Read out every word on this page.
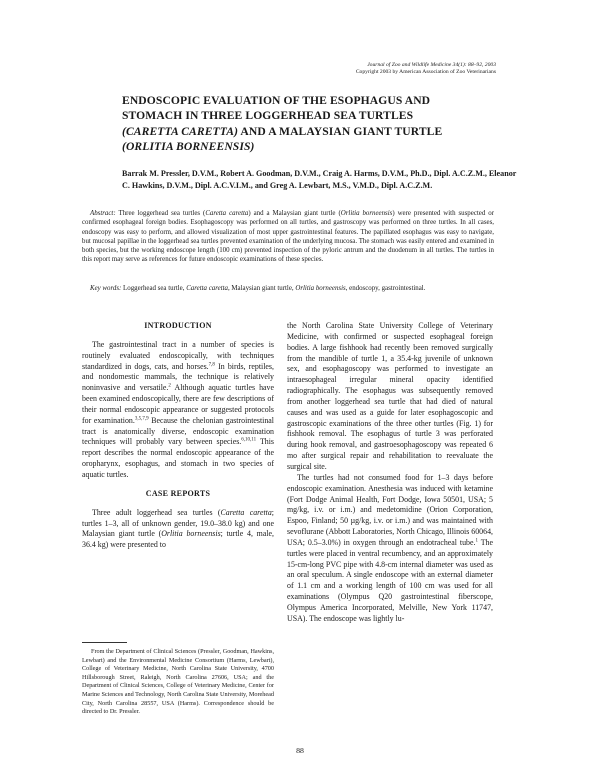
Journal of Zoo and Wildlife Medicine 34(1): 88–92, 2003
Copyright 2003 by American Association of Zoo Veterinarians
ENDOSCOPIC EVALUATION OF THE ESOPHAGUS AND
STOMACH IN THREE LOGGERHEAD SEA TURTLES
(CARETTA CARETTA) AND A MALAYSIAN GIANT TURTLE
(ORLITIA BORNEENSIS)
Barrak M. Pressler, D.V.M., Robert A. Goodman, D.V.M., Craig A. Harms, D.V.M., Ph.D., Dipl. A.C.Z.M., Eleanor C. Hawkins, D.V.M., Dipl. A.C.V.I.M., and Greg A. Lewbart, M.S., V.M.D., Dipl. A.C.Z.M.
Abstract: Three loggerhead sea turtles (Caretta caretta) and a Malaysian giant turtle (Orlitia borneensis) were presented with suspected or confirmed esophageal foreign bodies. Esophagoscopy was performed on all turtles, and gastroscopy was performed on three turtles. In all cases, endoscopy was easy to perform, and allowed visualization of most upper gastrointestinal features. The papillated esophagus was easy to navigate, but mucosal papillae in the loggerhead sea turtles prevented examination of the underlying mucosa. The stomach was easily entered and examined in both species, but the working endoscope length (100 cm) prevented inspection of the pyloric antrum and the duodenum in all turtles. The turtles in this report may serve as references for future endoscopic examinations of these species.
Key words: Loggerhead sea turtle, Caretta caretta, Malaysian giant turtle, Orlitia borneensis, endoscopy, gastrointestinal.
INTRODUCTION

The gastrointestinal tract in a number of species is routinely evaluated endoscopically, with techniques standardized in dogs, cats, and horses.$^{7,8}$ In birds, reptiles, and nondomestic mammals, the technique is relatively noninvasive and versatile.$^2$ Although aquatic turtles have been examined endoscopically, there are few descriptions of their normal endoscopic appearance or suggested protocols for examination.$^{3,5,7,9}$ Because the chelonian gastrointestinal tract is anatomically diverse, endoscopic examination techniques will probably vary between species.$^{6,10,11}$ This report describes the normal endoscopic appearance of the oropharynx, esophagus, and stomach in two species of aquatic turtles.

CASE REPORTS

Three adult loggerhead sea turtles (Caretta caretta; turtles 1–3, all of unknown gender, 19.0–38.0 kg) and one Malaysian giant turtle (Orlitia borneensis; turtle 4, male, 36.4 kg) were presented to

From the Department of Clinical Sciences (Pressler, Goodman, Hawkins, Lewbart) and the Environmental Medicine Consortium (Harms, Lewbart), College of Veterinary Medicine, North Carolina State University, 4700 Hillsborough Street, Raleigh, North Carolina 27606, USA; and the Department of Clinical Sciences, College of Veterinary Medicine, Center for Marine Sciences and Technology, North Carolina State University, Morehead City, North Carolina 28557, USA (Harms). Correspondence should be directed to Dr. Pressler.

the North Carolina State University College of Veterinary Medicine, with confirmed or suspected esophageal foreign bodies. A large fishhook had recently been removed surgically from the mandible of turtle 1, a 35.4-kg juvenile of unknown sex, and esophagoscopy was performed to investigate an intraesophageal irregular mineral opacity identified radiographically. The esophagus was subsequently removed from another loggerhead sea turtle that had died of natural causes and was used as a guide for later esophagoscopic and gastroscopic examinations of the three other turtles (Fig. 1) for fishhook removal. The esophagus of turtle 3 was perforated during hook removal, and gastroesophagoscopy was repeated 6 mo after surgical repair and rehabilitation to reevaluate the surgical site.

The turtles had not consumed food for 1–3 days before endoscopic examination. Anesthesia was induced with ketamine (Fort Dodge Animal Health, Fort Dodge, Iowa 50501, USA; 5 mg/kg, i.v. or i.m.) and medetomidine (Orion Corporation, Espoo, Finland; 50 µg/kg, i.v. or i.m.) and was maintained with sevoflurane (Abbott Laboratories, North Chicago, Illinois 60064, USA; 0.5–3.0%) in oxygen through an endotracheal tube.$^1$ The turtles were placed in ventral recumbency, and an approximately 15-cm-long PVC pipe with 4.8-cm internal diameter was used as an oral speculum. A single endoscope with an external diameter of 1.1 cm and a working length of 100 cm was used for all examinations (Olympus Q20 gastrointestinal fiberscope, Olympus America Incorporated, Melville, New York 11747, USA). The endoscope was lightly lu-

88
